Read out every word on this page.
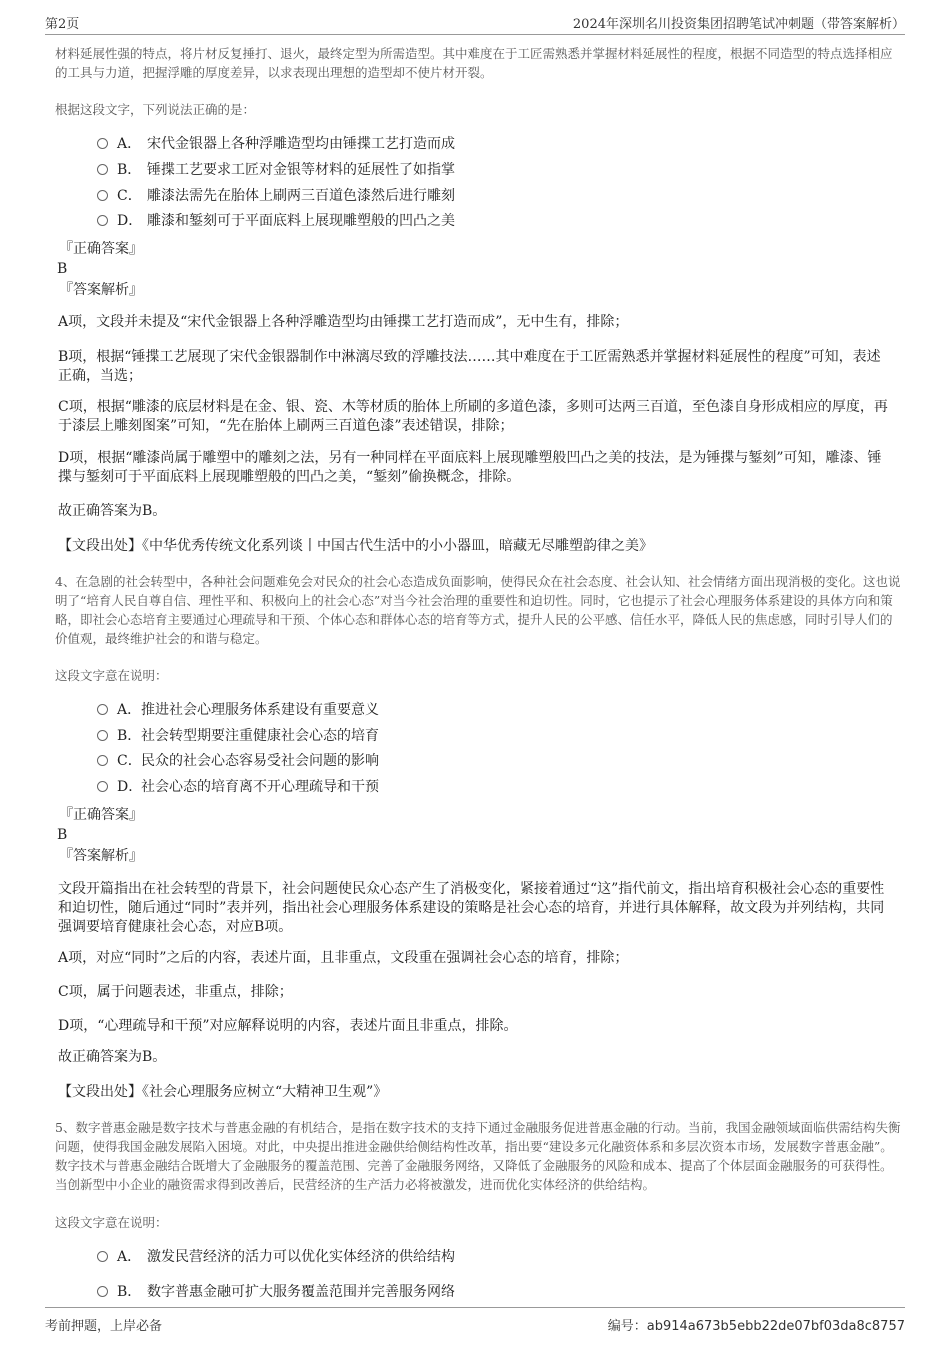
第2页	2024年深圳名川投资集团招聘笔试冲刺题（带答案解析）
材料延展性强的特点，将片材反复捶打、退火，最终定型为所需造型。其中难度在于工匠需熟悉并掌握材料延展性的程度，根据不同造型的特点选择相应的工具与力道，把握浮雕的厚度差异，以求表现出理想的造型却不使片材开裂。
根据这段文字，下列说法正确的是：
A． 宋代金银器上各种浮雕造型均由锤揲工艺打造而成
B． 锤揲工艺要求工匠对金银等材料的延展性了如指掌
C． 雕漆法需先在胎体上刷两三百道色漆然后进行雕刻
D． 雕漆和錾刻可于平面底料上展现雕塑般的凹凸之美
『正确答案』
B
『答案解析』
A项，文段并未提及“宋代金银器上各种浮雕造型均由锤揲工艺打造而成”，无中生有，排除；
B项，根据“锤揲工艺展现了宋代金银器制作中淋漓尽致的浮雕技法……其中难度在于工匠需熟悉并掌握材料延展性的程度”可知，表述正确，当选；
C项，根据“雕漆的底层材料是在金、银、瓷、木等材质的胎体上所刷的多道色漆，多则可达两三百道，至色漆自身形成相应的厚度，再于漆层上雕刻图案”可知，“先在胎体上刷两三百道色漆”表述错误，排除；
D项，根据“雕漆尚属于雕塑中的雕刻之法，另有一种同样在平面底料上展现雕塑般凹凸之美的技法，是为锤揲与錾刻”可知，雕漆、锤揲与錾刻可于平面底料上展现雕塑般的凹凸之美，“錾刻”偷换概念，排除。
故正确答案为B。
【文段出处】《中华优秀传统文化系列谈丨中国古代生活中的小小器皿，暗藏无尽雕塑韵律之美》
4、在急剧的社会转型中，各种社会问题难免会对民众的社会心态造成负面影响，使得民众在社会态度、社会认知、社会情绪方面出现消极的变化。这也说明了“培育人民自尊自信、理性平和、积极向上的社会心态”对当今社会治理的重要性和迫切性。同时，它也提示了社会心理服务体系建设的具体方向和策略，即社会心态培育主要通过心理疏导和干预、个体心态和群体心态的培育等方式，提升人民的公平感、信任水平，降低人民的焦虑感，同时引导人们的价值观，最终维护社会的和谐与稳定。
这段文字意在说明：
A．推进社会心理服务体系建设有重要意义
B．社会转型期要注重健康社会心态的培育
C．民众的社会心态容易受社会问题的影响
D．社会心态的培育离不开心理疏导和干预
『正确答案』
B
『答案解析』
文段开篇指出在社会转型的背景下，社会问题使民众心态产生了消极变化，紧接着通过“这”指代前文，指出培育积极社会心态的重要性和迫切性，随后通过“同时”表并列，指出社会心理服务体系建设的策略是社会心态的培育，并进行具体解释，故文段为并列结构，共同强调要培育健康社会心态，对应B项。
A项，对应“同时”之后的内容，表述片面，且非重点，文段重在强调社会心态的培育，排除；
C项，属于问题表述，非重点，排除；
D项，“心理疏导和干预”对应解释说明的内容，表述片面且非重点，排除。
故正确答案为B。
【文段出处】《社会心理服务应树立“大精神卫生观”》
5、数字普惠金融是数字技术与普惠金融的有机结合，是指在数字技术的支持下通过金融服务促进普惠金融的行动。当前，我国金融领域面临供需结构失衡问题，使得我国金融发展陷入困境。对此，中央提出推进金融供给侧结构性改革，指出要“建设多元化融资体系和多层次资本市场，发展数字普惠金融”。数字技术与普惠金融结合既增大了金融服务的覆盖范围、完善了金融服务网络，又降低了金融服务的风险和成本、提高了个体层面金融服务的可获得性。当创新型中小企业的融资需求得到改善后，民营经济的生产活力必将被激发，进而优化实体经济的供给结构。
这段文字意在说明：
A． 激发民营经济的活力可以优化实体经济的供给结构
B． 数字普惠金融可扩大服务覆盖范围并完善服务网络
考前押题，上岸必备	编号：ab914a673b5ebb22de07bf03da8c8757
